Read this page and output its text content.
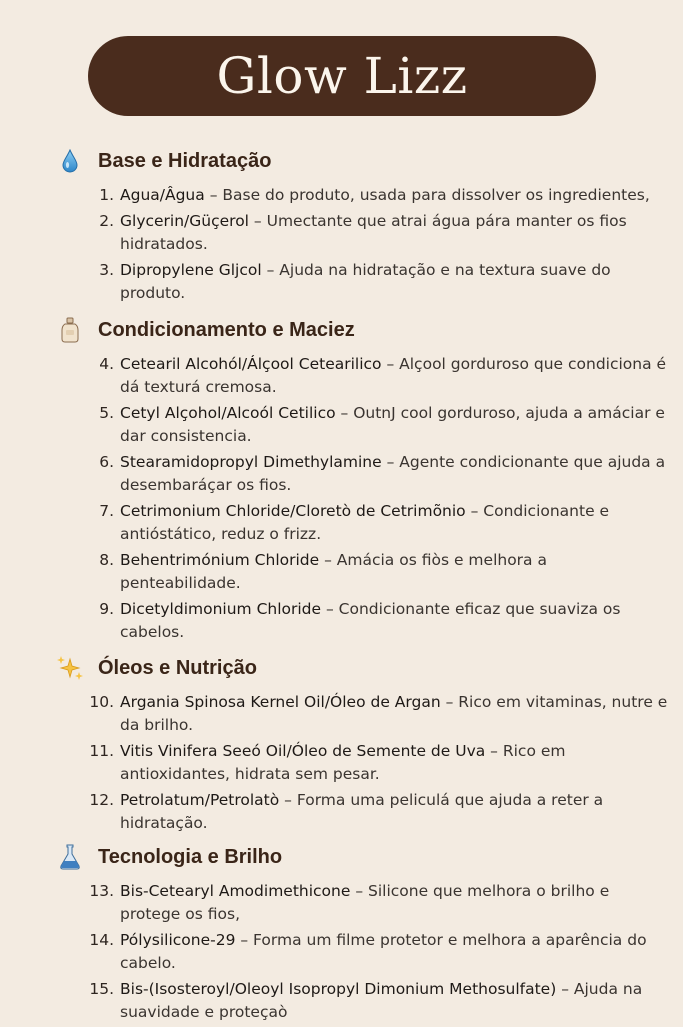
Glow Lizz
Base e Hidratação
1. Agua/Âgua – Base do produto, usada para dissolver os ingredientes,
2. Glycerin/Güçerol – Umectante que atrai água pára manter os fios hidratados.
3. Dipropylene Gljcol – Ajuda na hidratação e na textura suave do produto.
Condicionamento e Maciez
4. Cetearil Alcohól/Álçool Cetearilico – Alçool gorduroso que condiciona é dá texturá cremosa.
5. Cetyl Alçohol/Alcoól Cetilico – OutnJ cool gorduroso, ajuda a amáciar e dar consistencia.
6. Stearamidopropyl Dimethylamine – Agente condicionante que ajuda a desembaráçar os fios.
7. Cetrimonium Chloride/Cloretò de Cetrimõnio – Condicionante e antióstático, reduz o frizz.
8. Behentrimónium Chloride – Amácia os fiòs e melhora a penteabilidade.
9. Dicetyldimonium Chloride – Condicionante eficaz que suaviza os cabelos.
Óleos e Nutrição
10. Argania Spinosa Kernel Oil/Óleo de Argan – Rico em vitaminas, nutre e da brilho.
11. Vitis Vinifera Seeó Oil/Óleo de Semente de Uva – Rico em antioxidantes, hidrata sem pesar.
12. Petrolatum/Petrolatò – Forma uma peliculá que ajuda a reter a hidratação.
Tecnologia e Brilho
13. Bis-Cetearyl Amodimethicone – Silicone que melhora o brilho e protege os fios,
14. Pólysilicone-29 – Forma um filme protetor e melhora a aparência do cabelo.
15. Bis-(Isosteroyl/Oleoyl Isopropyl Dimonium Methosulfate) – Ajuda na suavidade e proteçaò
